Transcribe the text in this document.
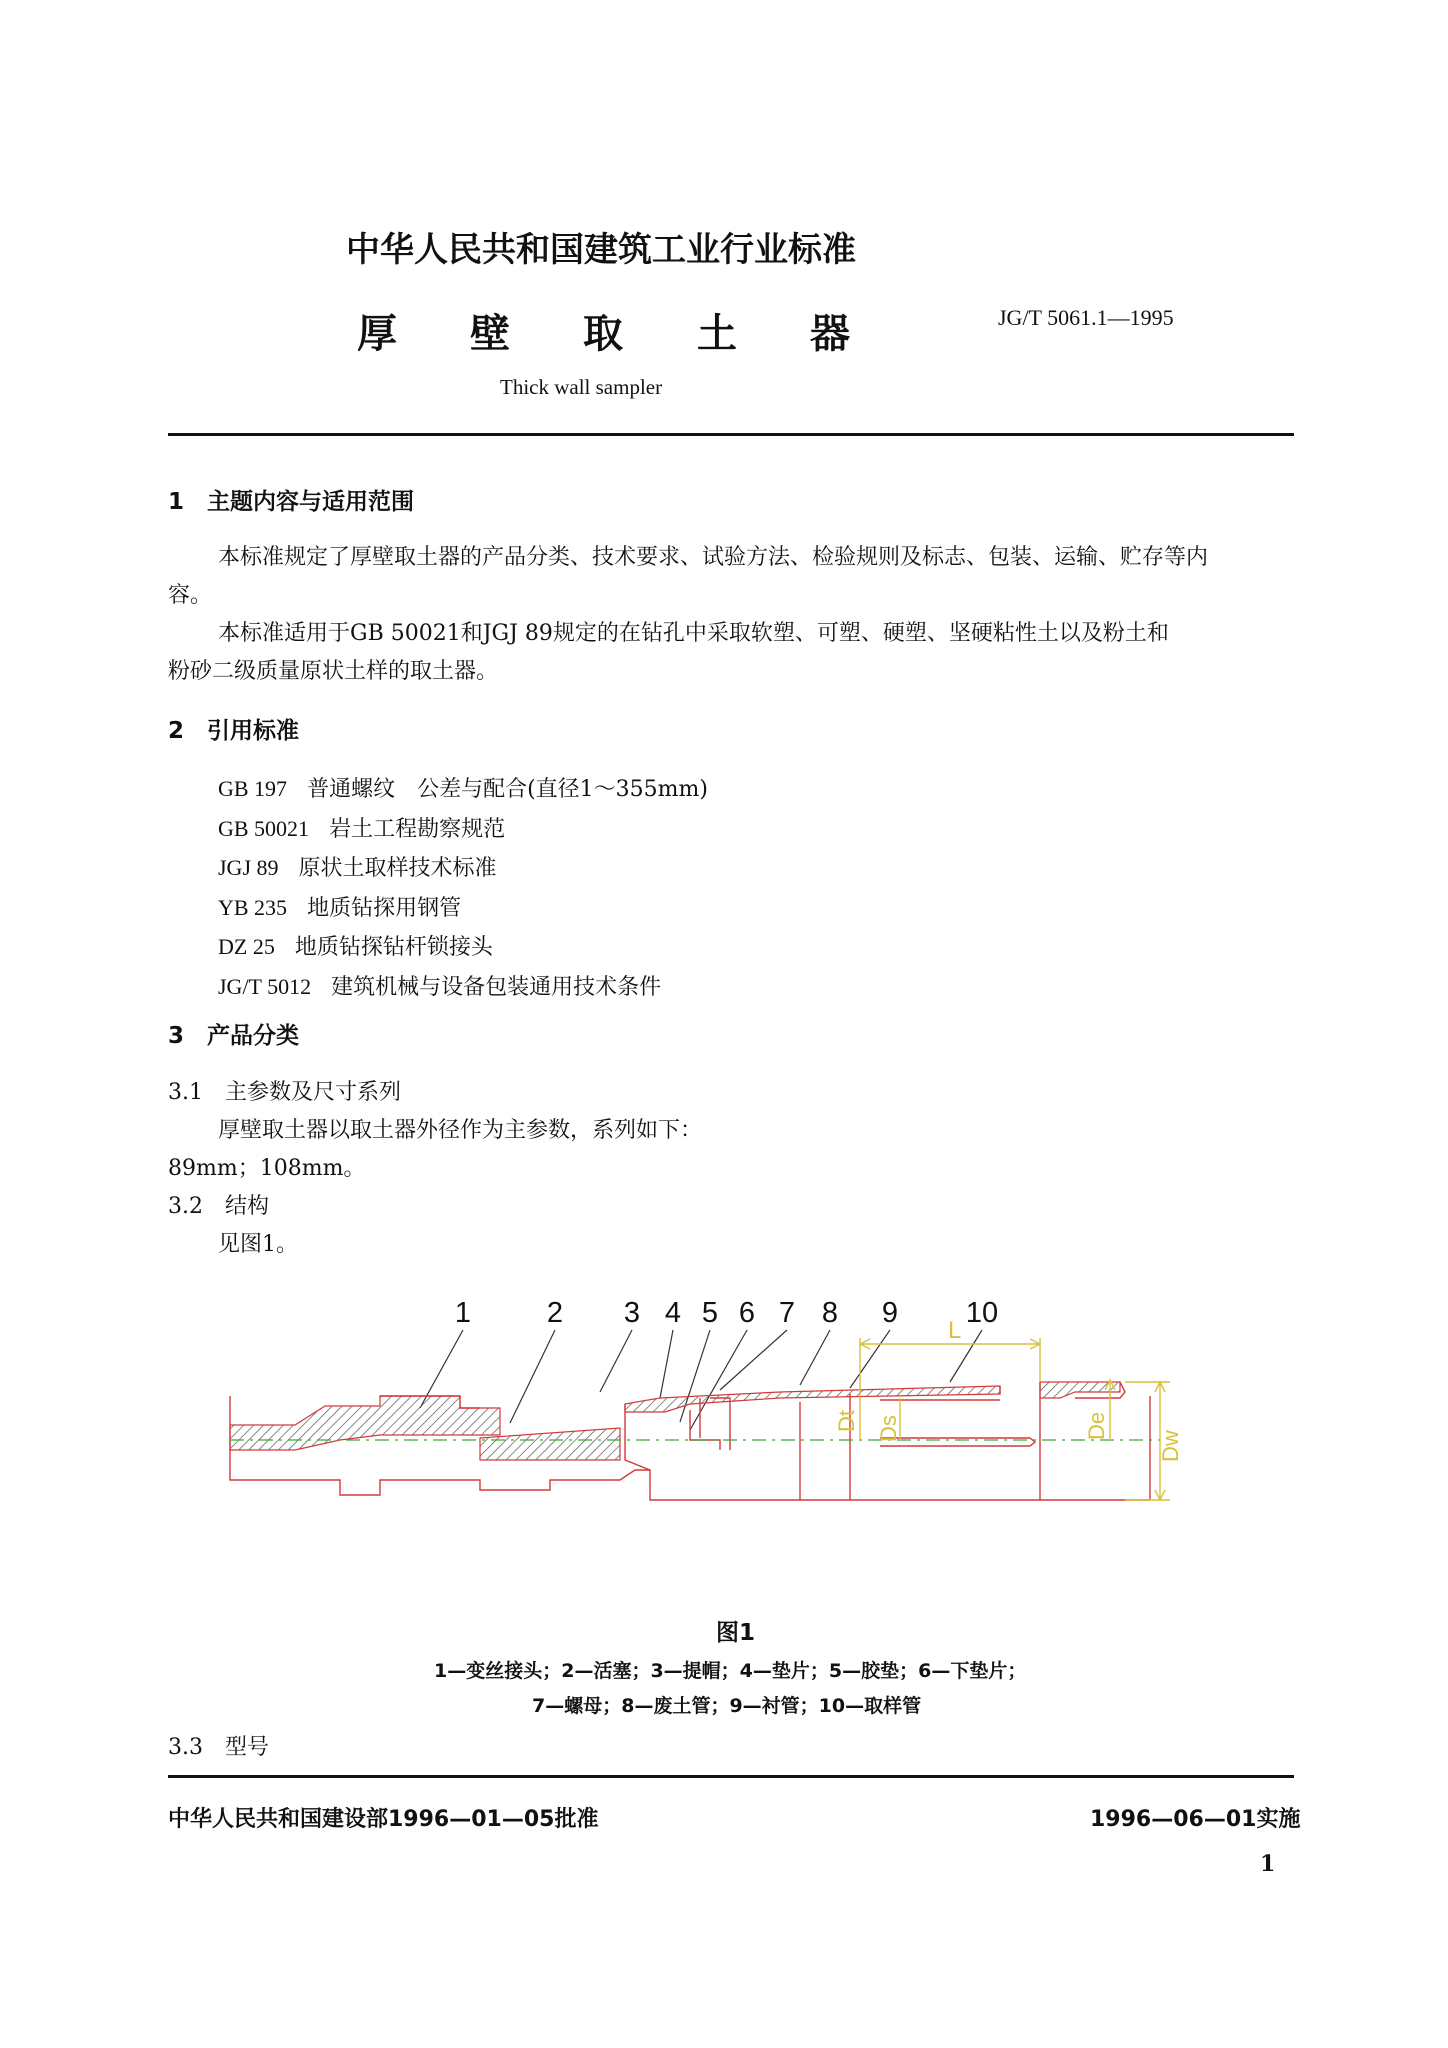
中华人民共和国建筑工业行业标准
厚 壁 取 土 器
Thick wall sampler
JG/T 5061.1—1995
1　主题内容与适用范围
本标准规定了厚壁取土器的产品分类、技术要求、试验方法、检验规则及标志、包装、运输、贮存等内
容。
本标准适用于GB 50021和JGJ 89规定的在钻孔中采取软塑、可塑、硬塑、坚硬粘性土以及粉土和
粉砂二级质量原状土样的取土器。
2　引用标准
GB 197 普通螺纹　公差与配合(直径1～355mm)
GB 50021 岩土工程勘察规范
JGJ 89 原状土取样技术标准
YB 235 地质钻探用钢管
DZ 25 地质钻探钻杆锁接头
JG/T 5012 建筑机械与设备包装通用技术条件
3　产品分类
3.1　主参数及尺寸系列
厚壁取土器以取土器外径作为主参数，系列如下：
89mm；108mm。
3.2　结构
见图1。
1	2 3 4 5 6 7 8 9 10
L
Dt Ds	De
Dw
图1
1—变丝接头；2—活塞；3—提帽；4—垫片；5—胶垫；6—下垫片；
7—螺母；8—废土管；9—衬管；10—取样管
3.3　型号
中华人民共和国建设部1996—01—05批准	1996—06—01实施
1
